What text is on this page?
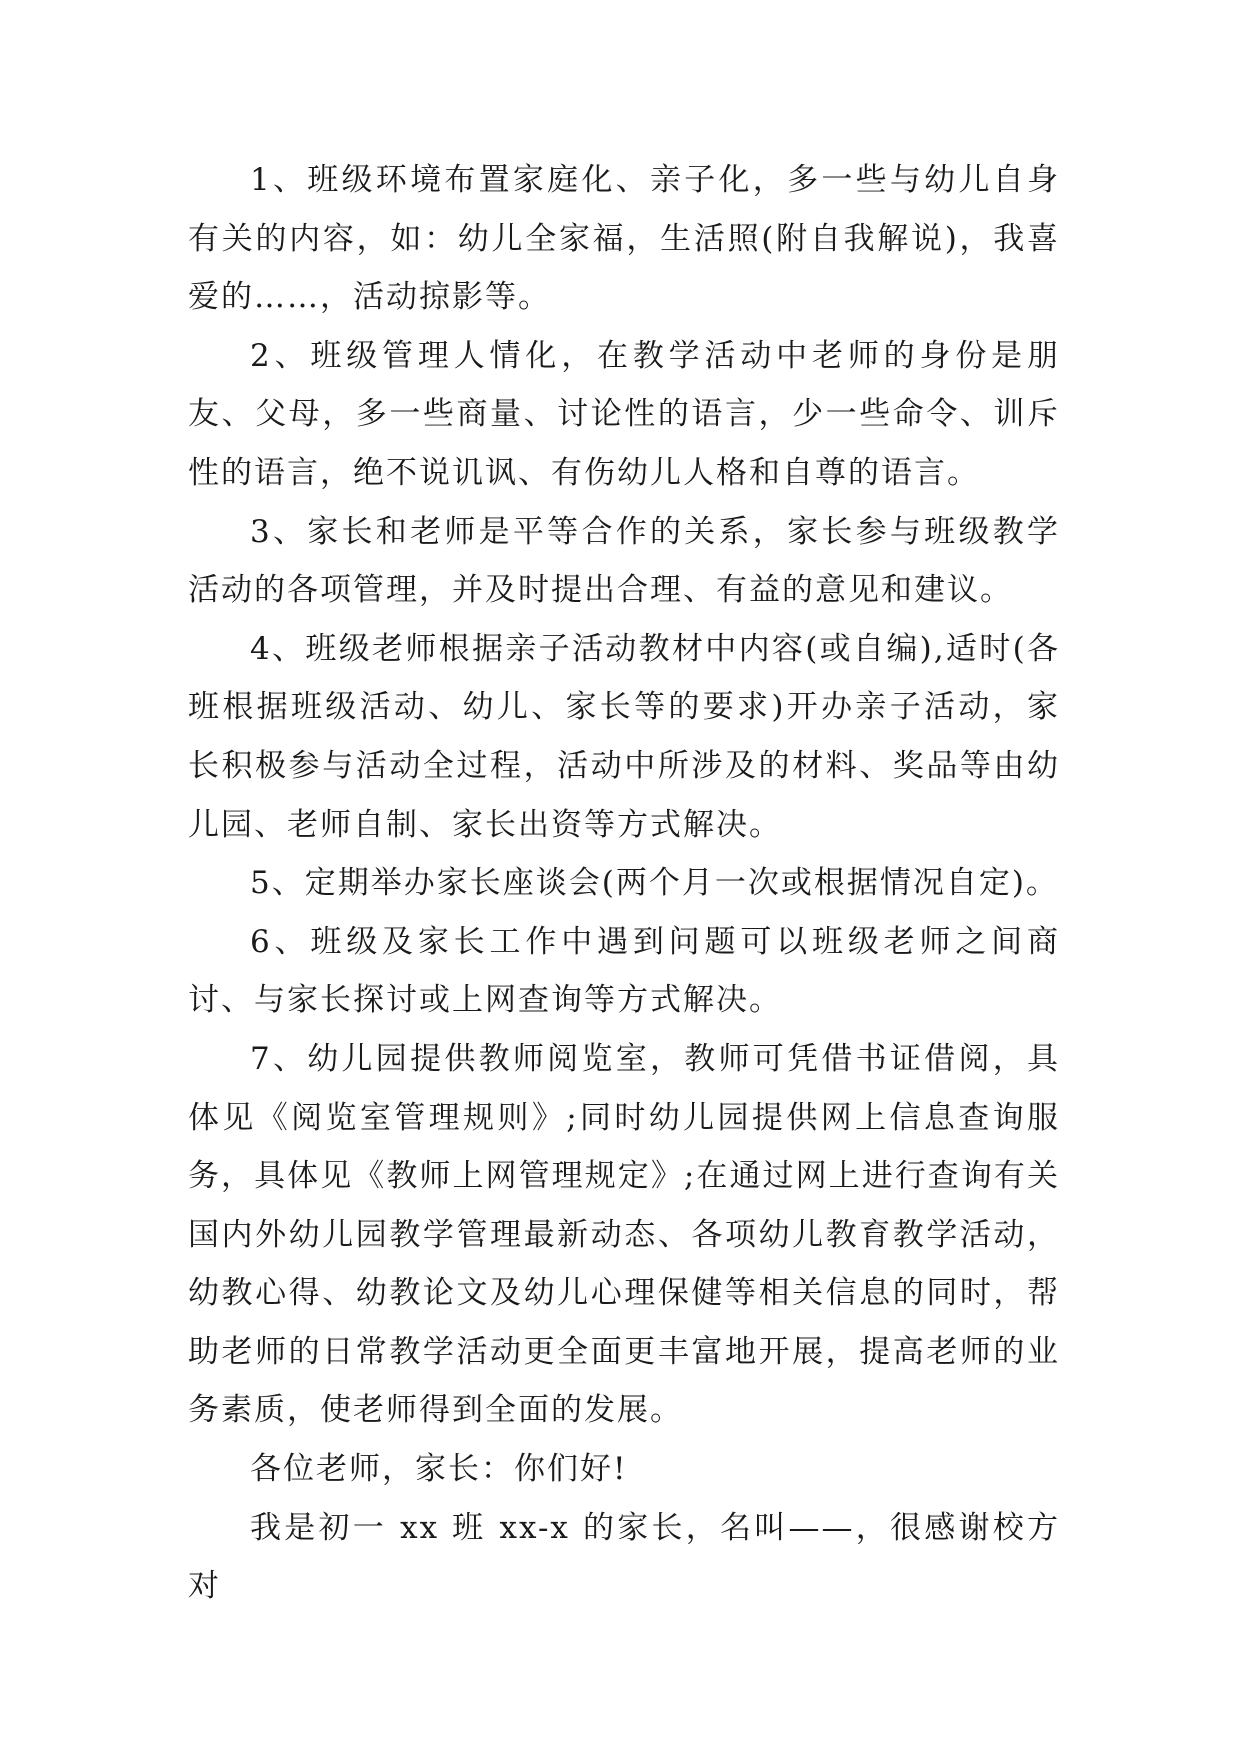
1、班级环境布置家庭化、亲子化，多一些与幼儿自身有关的内容，如：幼儿全家福，生活照(附自我解说)，我喜爱的……，活动掠影等。

2、班级管理人情化，在教学活动中老师的身份是朋友、父母，多一些商量、讨论性的语言，少一些命令、训斥性的语言，绝不说讥讽、有伤幼儿人格和自尊的语言。

3、家长和老师是平等合作的关系，家长参与班级教学活动的各项管理，并及时提出合理、有益的意见和建议。

4、班级老师根据亲子活动教材中内容(或自编),适时(各班根据班级活动、幼儿、家长等的要求)开办亲子活动，家长积极参与活动全过程，活动中所涉及的材料、奖品等由幼儿园、老师自制、家长出资等方式解决。

5、定期举办家长座谈会(两个月一次或根据情况自定)。

6、班级及家长工作中遇到问题可以班级老师之间商讨、与家长探讨或上网查询等方式解决。

7、幼儿园提供教师阅览室，教师可凭借书证借阅，具体见《阅览室管理规则》;同时幼儿园提供网上信息查询服务，具体见《教师上网管理规定》;在通过网上进行查询有关国内外幼儿园教学管理最新动态、各项幼儿教育教学活动，幼教心得、幼教论文及幼儿心理保健等相关信息的同时，帮助老师的日常教学活动更全面更丰富地开展，提高老师的业务素质，使老师得到全面的发展。

各位老师，家长：你们好!

我是初一 xx 班 xx-x 的家长，名叫——，很感谢校方对
